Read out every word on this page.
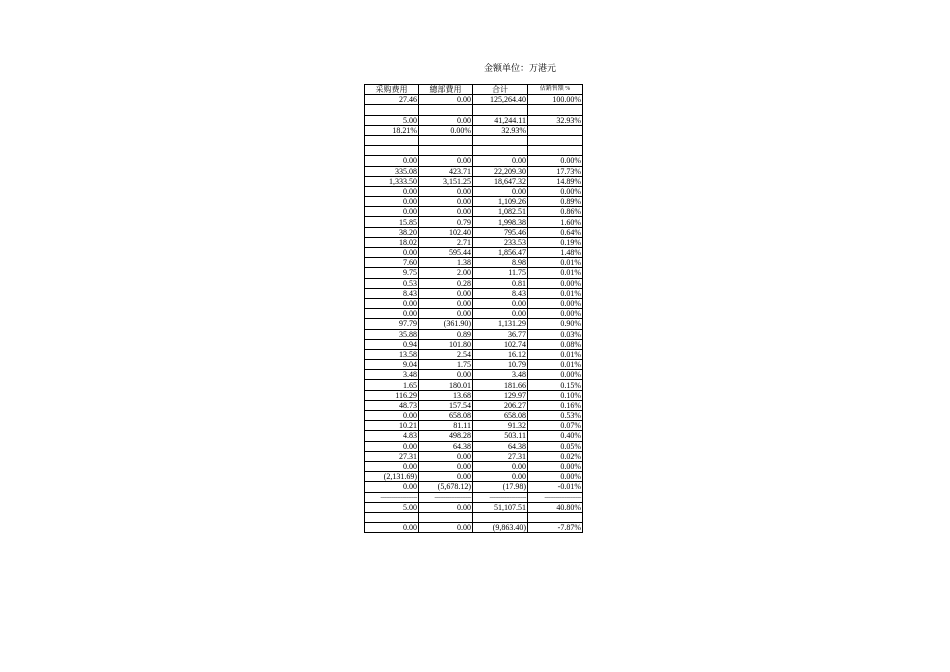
金额单位：万港元
采购费用	總部費用	合计	佔銷售額 %
27.46	0.00	125,264.40	100.00%

5.00	0.00	41,244.11	32.93%
18.21%	0.00%	32.93%	

0.00	0.00	0.00	0.00%
335.08	423.71	22,209.30	17.73%
1,333.50	3,151.25	18,647.32	14.89%
0.00	0.00	0.00	0.00%
0.00	0.00	1,109.26	0.89%
0.00	0.00	1,082.51	0.86%
15.85	0.79	1,998.38	1.60%
38.20	102.40	795.46	0.64%
18.02	2.71	233.53	0.19%
0.00	595.44	1,856.47	1.48%
7.60	1.38	8.98	0.01%
9.75	2.00	11.75	0.01%
0.53	0.28	0.81	0.00%
8.43	0.00	8.43	0.01%
0.00	0.00	0.00	0.00%
0.00	0.00	0.00	0.00%
97.79	(361.90)	1,131.29	0.90%
35.88	0.89	36.77	0.03%
0.94	101.80	102.74	0.08%
13.58	2.54	16.12	0.01%
9.04	1.75	10.79	0.01%
3.48	0.00	3.48	0.00%
1.65	180.01	181.66	0.15%
116.29	13.68	129.97	0.10%
48.73	157.54	206.27	0.16%
0.00	658.08	658.08	0.53%
10.21	81.11	91.32	0.07%
4.83	498.28	503.11	0.40%
0.00	64.38	64.38	0.05%
27.31	0.00	27.31	0.02%
0.00	0.00	0.00	0.00%
(2,131.69)	0.00	0.00	0.00%
0.00	(5,678.12)	(17.98)	-0.01%
--------------------	--------------------	--------------------	--------------------
5.00	0.00	51,107.51	40.80%

0.00	0.00	(9,863.40)	-7.87%
